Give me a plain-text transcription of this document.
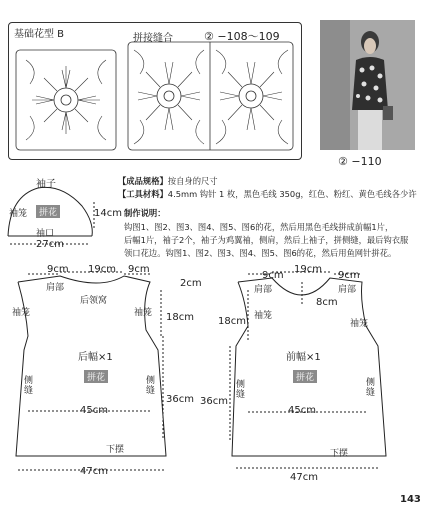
基础花型 B	拼接缝合	② −108～109
② −110
【成品规格】按自身的尺寸
【工具材料】4.5mm 钩针 1 枚，黑色毛线 350g，红色、粉红、黄色毛线各少许
制作说明：
钩图1、图2、图3、图4、图5、图6的花，然后用黑色毛线拼成前幅1片，
后幅1片，袖子2个，袖子为鸡翼袖，侧肩，然后上袖子，拼侧缝，最后钩衣服
领口花边。钩图1、图2、图3、图4、图5、图6的花，然后用鱼网针拼花。
袖子
袖笼	拼花	14cm
袖口
27cm
9cm 19cm 9cm
肩部
后领窝
2cm
袖笼	18cm
袖笼
后幅×1
拼花
侧缝
侧缝
36cm
45cm
下摆
47cm
9cm
19cm
9cm
肩部	肩部
8cm
18cm 袖笼
袖笼
前幅×1
拼花
侧缝
侧缝
36cm
45cm
下摆
47cm
143
